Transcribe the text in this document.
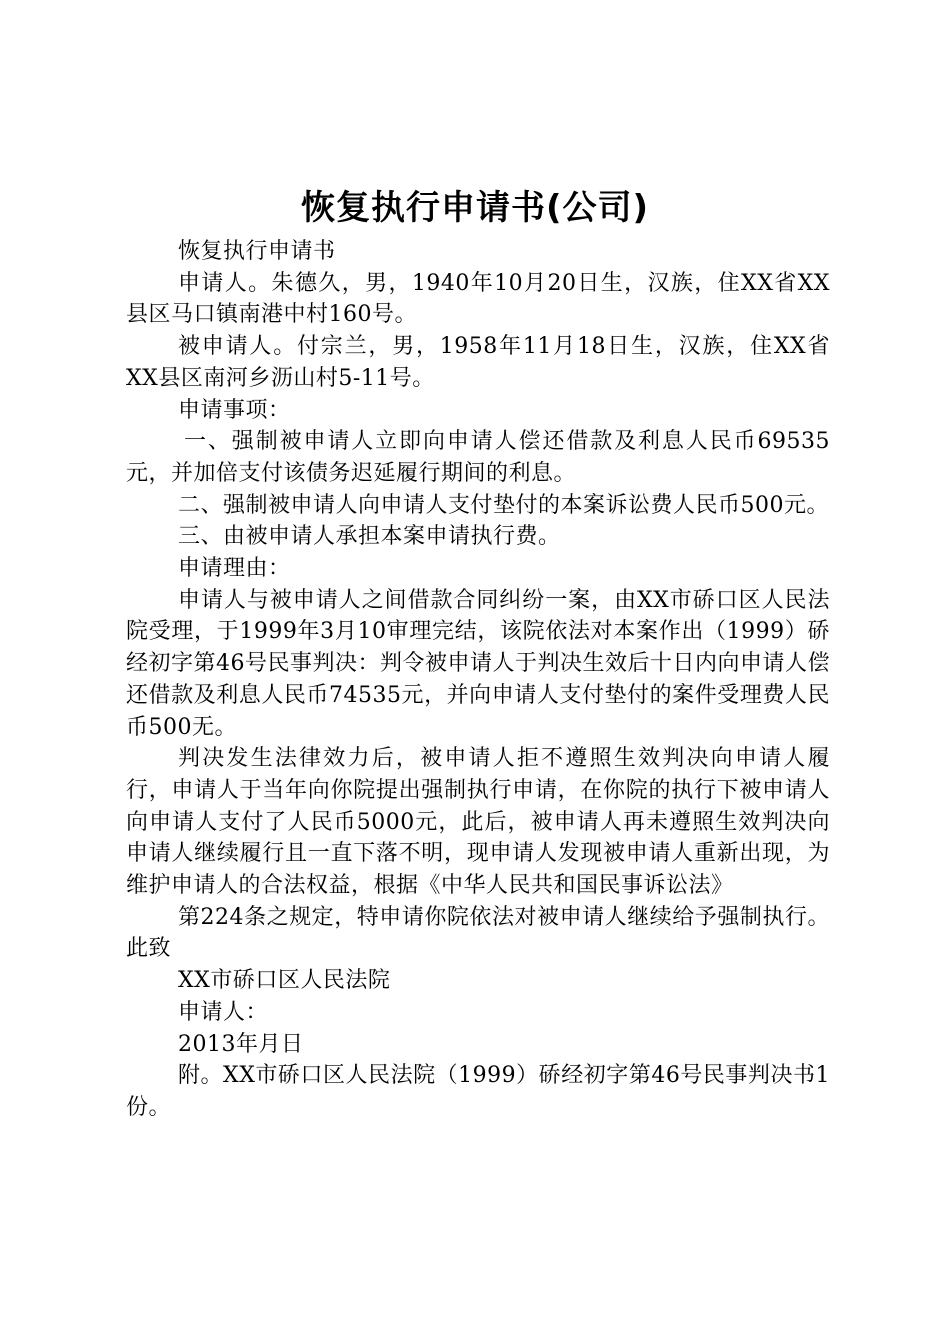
恢复执行申请书(公司)

恢复执行申请书

申请人。朱德久，男，1940年10月20日生，汉族，住XX省XX县区马口镇南港中村160号。

被申请人。付宗兰，男，1958年11月18日生，汉族，住XX省XX县区南河乡沥山村5-11号。

申请事项：

一、强制被申请人立即向申请人偿还借款及利息人民币69535元，并加倍支付该债务迟延履行期间的利息。

二、强制被申请人向申请人支付垫付的本案诉讼费人民币500元。

三、由被申请人承担本案申请执行费。

申请理由：

申请人与被申请人之间借款合同纠纷一案，由XX市硚口区人民法院受理，于1999年3月10审理完结，该院依法对本案作出（1999）硚经初字第46号民事判决：判令被申请人于判决生效后十日内向申请人偿还借款及利息人民币74535元，并向申请人支付垫付的案件受理费人民币500无。

判决发生法律效力后，被申请人拒不遵照生效判决向申请人履行，申请人于当年向你院提出强制执行申请，在你院的执行下被申请人向申请人支付了人民币5000元，此后，被申请人再未遵照生效判决向申请人继续履行且一直下落不明，现申请人发现被申请人重新出现，为维护申请人的合法权益，根据《中华人民共和国民事诉讼法》

第224条之规定，特申请你院依法对被申请人继续给予强制执行。此致

XX市硚口区人民法院

申请人：

2013年月日

附。XX市硚口区人民法院（1999）硚经初字第46号民事判决书1份。
